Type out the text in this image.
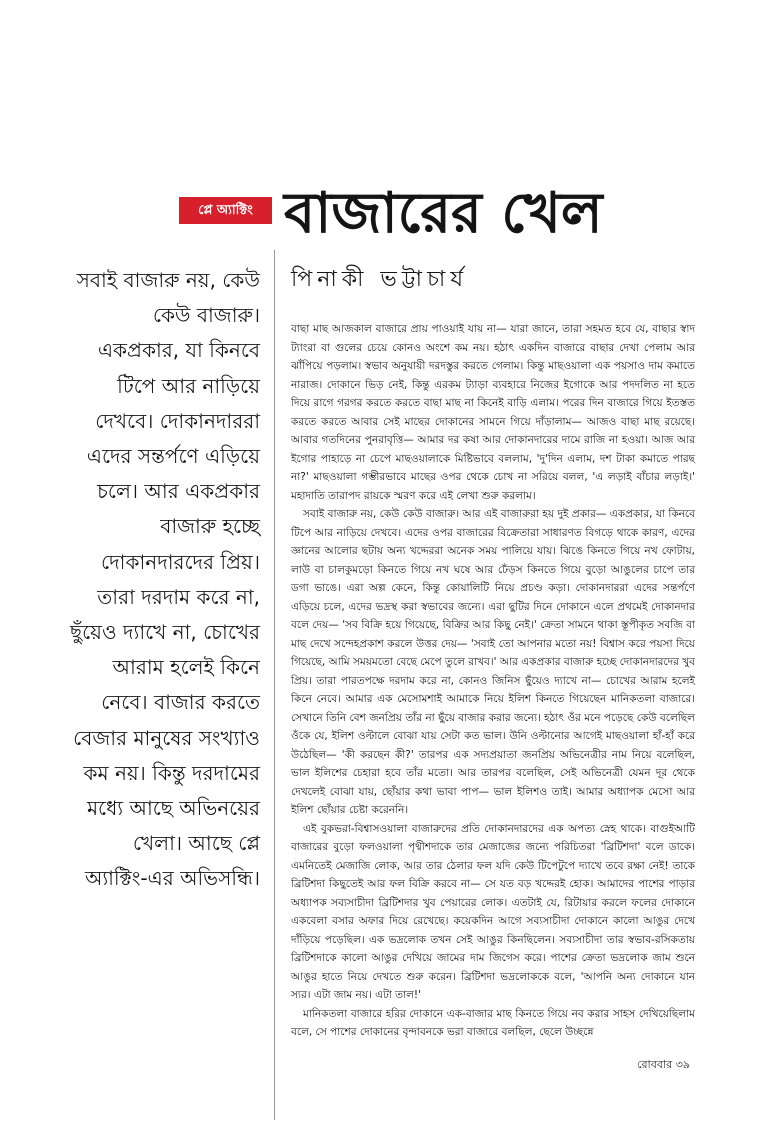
প্লে অ্যাক্টিং বাজারের খেল
পিনাকী ভট্টাচার্য
সবাই বাজারু নয়, কেউ কেউ বাজারু। একপ্রকার, যা কিনবে টিপে আর নাড়িয়ে দেখবে। দোকানদাররা এদের সন্তর্পণে এড়িয়ে চলে। আর একপ্রকার বাজারু হচ্ছে দোকানদারদের প্রিয়। তারা দরদাম করে না, ছুঁয়েও দ্যাখে না, চোখের আরাম হলেই কিনে নেবে। বাজার করতে বেজার মানুষের সংখ্যাও কম নয়। কিন্তু দরদামের মধ্যে আছে অভিনয়ের খেলা। আছে প্লে অ্যাক্টিং-এর অভিসন্ধি।

বাছা মাছ আজকাল বাজারে প্রায় পাওয়াই যায় না— যারা জানে, তারা সহমত হবে যে, বাছার স্বাদ ট্যাংরা বা গুলের চেয়ে কোনও অংশে কম নয়। হঠাৎ একদিন বাজারে বাছার দেখা পেলাম আর ঝাঁপিয়ে পড়লাম। স্বভাব অনুযায়ী দরদস্তুর করতে গেলাম। কিন্তু মাছওয়ালা এক পয়সাও দাম কমাতে নারাজ। দোকানে ভিড় নেই, কিন্তু এরকম ট্যাড়া ব্যবহারে নিজের ইগোকে আর পদদলিত না হতে দিয়ে রাগে গরগর করতে করতে বাছা মাছ না কিনেই বাড়ি এলাম। পরের দিন বাজারে গিয়ে ইতস্তত করতে করতে আবার সেই মাছের দোকানের সামনে গিয়ে দাঁড়ালাম— আজও বাছা মাছ রয়েছে। আবার গতদিনের পুনরাবৃত্তি— আমার দর কষা আর দোকানদারের দামে রাজি না হওয়া। আজ আর ইগোর পাহাড়ে না চেপে মাছওয়ালাকে মিষ্টিভাবে বললাম, 'দু'দিন এলাম, দশ টাকা কমাতে পারছ না?' মাছওয়ালা গম্ভীরভাবে মাছের ওপর থেকে চোখ না সরিয়ে বলল, 'এ লড়াই বাঁচার লড়াই।' মহাদাতি তারাপদ রায়কে স্মরণ করে এই লেখা শুরু করলাম।

সবাই বাজারু নয়, কেউ কেউ বাজারু। আর এই বাজারুরা হয় দুই প্রকার— একপ্রকার, যা কিনবে টিপে আর নাড়িয়ে দেখবে। এদের ওপর বাজারের বিক্রেতারা সাধারণত বিগড়ে থাকে কারণ, এদের জ্ঞানের আলোর ছটায় অন্য খদ্দেররা অনেক সময় পালিয়ে যায়। ঝিঙে কিনতে গিয়ে নখ ফোটায়, লাউ বা চালকুমড়ো কিনতে গিয়ে নখ ঘষে আর ঢেঁড়স কিনতে গিয়ে বুড়ো আঙুলের চাপে তার ডগা ভাঙে। এরা অল্প কেনে, কিন্তু কোয়ালিটি নিয়ে প্রচণ্ড কড়া। দোকানদাররা এদের সন্তর্পণে এড়িয়ে চলে, এদের ভদ্রস্থ করা স্বভাবের জন্যে। এরা ছুটির দিনে দোকানে এলে প্রথমেই দোকানদার বলে দেয়— 'সব বিক্রি হয়ে গিয়েছে, বিক্রির আর কিছু নেই।' ক্রেতা সামনে থাকা স্তূপীকৃত সবজি বা মাছ দেখে সন্দেহপ্রকাশ করলে উত্তর দেয়— 'সবাই তো আপনার মতো নয়! বিশ্বাস করে পয়সা দিয়ে গিয়েছে, আমি সময়মতো বেছে মেপে তুলে রাখব।' আর একপ্রকার বাজারু হচ্ছে দোকানদারদের খুব প্রিয়। তারা পারতপক্ষে দরদাম করে না, কোনও জিনিস ছুঁয়েও দ্যাখে না— চোখের আরাম হলেই কিনে নেবে। আমার এক মেসোমশাই আমাকে নিয়ে ইলিশ কিনতে গিয়েছেন মানিকতলা বাজারে। সেখানে তিনি বেশ জনপ্রিয় তাঁর না ছুঁয়ে বাজার করার জন্যে। হঠাৎ ওঁর মনে পড়েছে কেউ বলেছিল ওঁকে যে, ইলিশ ওল্টালে বোঝা যায় সেটা কত ভাল। উনি ওল্টানোর আগেই মাছওয়ালা হাঁ-হাঁ করে উঠেছিল— 'কী করছেন কী?' তারপর এক সদ্যপ্রয়াতা জনপ্রিয় অভিনেত্রীর নাম নিয়ে বলেছিল, ভাল ইলিশের চেহারা হবে তাঁর মতো। আর তারপর বলেছিল, সেই অভিনেত্রী যেমন দূর থেকে দেখলেই বোঝা যায়, ছোঁয়ার কথা ভাবা পাপ— ভাল ইলিশও তাই। আমার অধ্যাপক মেসো আর ইলিশ ছোঁয়ার চেষ্টা করেননি।

এই বুকভরা-বিশ্বাসওয়ালা বাজারুদের প্রতি দোকানদারদের এক অপত্য স্নেহ থাকে। বাগুইআটি বাজারের বুড়ো ফলওয়ালা পৃথ্বীশদাকে তার মেজাজের জন্যে পরিচিতরা 'ব্রিটিশদা' বলে ডাকে। এমনিতেই মেজাজি লোক, আর তার ঠেলার ফল যদি কেউ টিপেটুপে দ্যাখে তবে রক্ষা নেই! তাকে ব্রিটিশদা কিছুতেই আর ফল বিক্রি করবে না— সে যত বড় খদ্দেরই হোক। আমাদের পাশের পাড়ার অধ্যাপক সব্যসাচীদা ব্রিটিশদার খুব পেয়ারের লোক। এতটাই যে, রিটায়ার করলে ফলের দোকানে একবেলা বসার অফার দিয়ে রেখেছে। কয়েকদিন আগে সব্যসাচীদা দোকানে কালো আঙুর দেখে দাঁড়িয়ে পড়েছিল। এক ভদ্রলোক তখন সেই আঙুর কিনছিলেন। সব্যসাচীদা তার স্বভাব-রসিকতায় ব্রিটিশদাকে কালো আঙুর দেখিয়ে জামের দাম জিগেস করে। পাশের ক্রেতা ভদ্রলোক জাম শুনে আঙুর হাতে নিয়ে দেখতে শুরু করেন। ব্রিটিশদা ভদ্রলোককে বলে, 'আপনি অন্য দোকানে যান স্যর। এটা জাম নয়। এটা তাল!'

মানিকতলা বাজারে হরির দোকানে এক-বাজার মাছ কিনতে গিয়ে নব করার সাহস দেখিয়েছিলাম বলে, সে পাশের দোকানের বৃন্দাবনকে ভরা বাজারে বলছিল, ছেলে উচ্ছন্নে

রোববার ৩৯
